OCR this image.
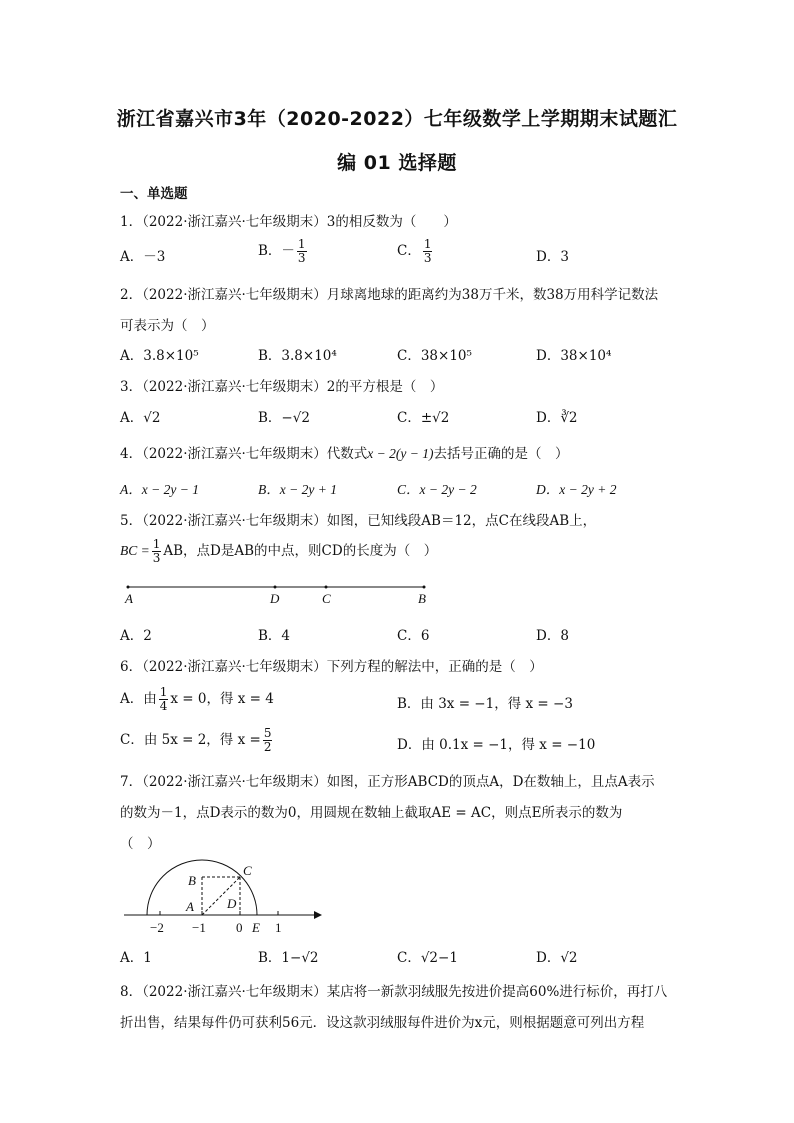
浙江省嘉兴市3年（2020-2022）七年级数学上学期期末试题汇
编 01 选择题
一、单选题
1．（2022·浙江嘉兴·七年级期末）3的相反数为（　　）
A．－3	B．－ $\frac{1}{3}$	C． $\frac{1}{3}$	D．3
2．（2022·浙江嘉兴·七年级期末）月球离地球的距离约为38万千米，数38万用科学记数法
可表示为（　）
A．3.8×10⁵	B．3.8×10⁴	C．38×10⁵	D．38×10⁴
3．（2022·浙江嘉兴·七年级期末）2的平方根是（　）
A．√2	B．−√2	C．±√2	D．∛2
4．（2022·浙江嘉兴·七年级期末）代数式x − 2(y − 1)去括号正确的是（　）
A．x − 2y − 1	B．x − 2y + 1	C．x − 2y − 2	D．x − 2y + 2
5．（2022·浙江嘉兴·七年级期末）如图，已知线段AB＝12，点C在线段AB上，
BC = $\frac{1}{3}$ AB，点D是AB的中点，则CD的长度为（　）
A	D	C	B
A．2	B．4	C．6	D．8
6．（2022·浙江嘉兴·七年级期末）下列方程的解法中，正确的是（　）
A．由 $\frac{1}{4}$ x = 0，得 x = 4	B．由 3x = −1，得 x = −3
C．由 5x = 2，得 $x = \frac{5}{2}$	D．由 0.1x = −1，得 x = −10
7．（2022·浙江嘉兴·七年级期末）如图，正方形ABCD的顶点A，D在数轴上，且点A表示
的数为－1，点D表示的数为0，用圆规在数轴上截取AE = AC，则点E所表示的数为
（　）
C
B
A	D
−2 −1 0 E 1
A．1	B．1−√2	C．√2−1	D．√2
8．（2022·浙江嘉兴·七年级期末）某店将一新款羽绒服先按进价提高60%进行标价，再打八
折出售，结果每件仍可获利56元．设这款羽绒服每件进价为x元，则根据题意可列出方程
